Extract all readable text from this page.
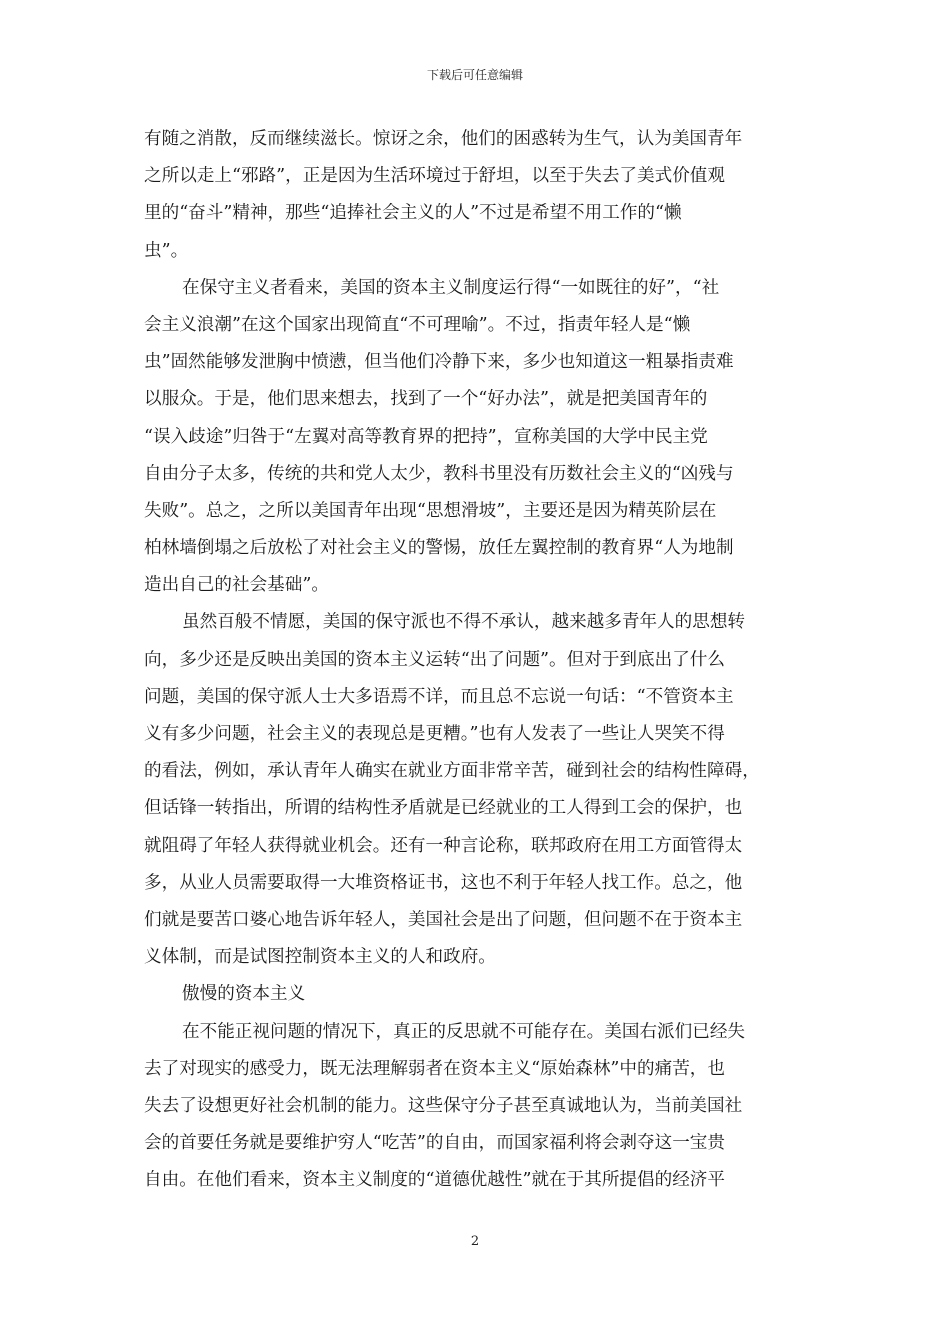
下载后可任意编辑
有随之消散，反而继续滋长。惊讶之余，他们的困惑转为生气，认为美国青年
之所以走上“邪路”，正是因为生活环境过于舒坦，以至于失去了美式价值观
里的“奋斗”精神，那些“追捧社会主义的人”不过是希望不用工作的“懒
虫”。
在保守主义者看来，美国的资本主义制度运行得“一如既往的好”，“社
会主义浪潮”在这个国家出现简直“不可理喻”。不过，指责年轻人是“懒
虫”固然能够发泄胸中愤懑，但当他们冷静下来，多少也知道这一粗暴指责难
以服众。于是，他们思来想去，找到了一个“好办法”，就是把美国青年的
“误入歧途”归咎于“左翼对高等教育界的把持”，宣称美国的大学中民主党
自由分子太多，传统的共和党人太少，教科书里没有历数社会主义的“凶残与
失败”。总之，之所以美国青年出现“思想滑坡”，主要还是因为精英阶层在
柏林墙倒塌之后放松了对社会主义的警惕，放任左翼控制的教育界“人为地制
造出自己的社会基础”。
虽然百般不情愿，美国的保守派也不得不承认，越来越多青年人的思想转
向，多少还是反映出美国的资本主义运转“出了问题”。但对于到底出了什么
问题，美国的保守派人士大多语焉不详，而且总不忘说一句话：“不管资本主
义有多少问题，社会主义的表现总是更糟。”也有人发表了一些让人哭笑不得
的看法，例如，承认青年人确实在就业方面非常辛苦，碰到社会的结构性障碍，
但话锋一转指出，所谓的结构性矛盾就是已经就业的工人得到工会的保护，也
就阻碍了年轻人获得就业机会。还有一种言论称，联邦政府在用工方面管得太
多，从业人员需要取得一大堆资格证书，这也不利于年轻人找工作。总之，他
们就是要苦口婆心地告诉年轻人，美国社会是出了问题，但问题不在于资本主
义体制，而是试图控制资本主义的人和政府。
傲慢的资本主义
在不能正视问题的情况下，真正的反思就不可能存在。美国右派们已经失
去了对现实的感受力，既无法理解弱者在资本主义“原始森林”中的痛苦，也
失去了设想更好社会机制的能力。这些保守分子甚至真诚地认为，当前美国社
会的首要任务就是要维护穷人“吃苦”的自由，而国家福利将会剥夺这一宝贵
自由。在他们看来，资本主义制度的“道德优越性”就在于其所提倡的经济平
2
